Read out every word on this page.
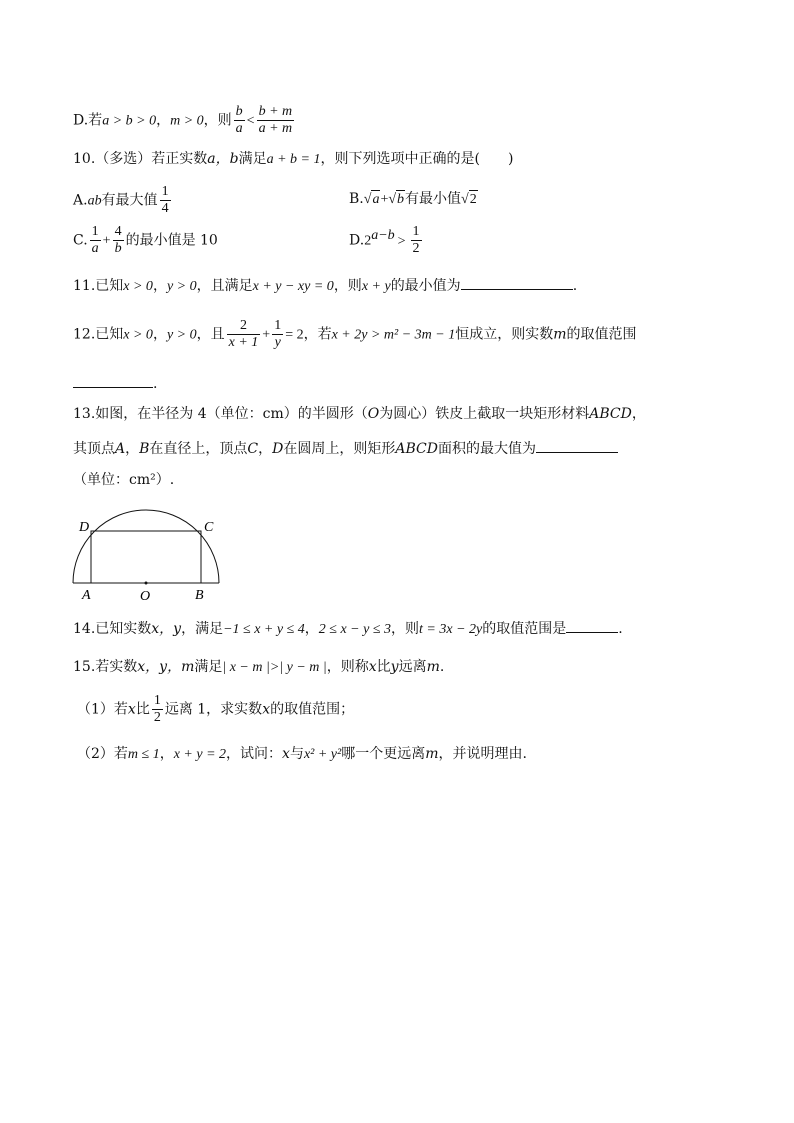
D.若a > b > 0，m > 0，则 $\frac{b}{a} < \frac{b + m}{a + m}$
10.（多选）若正实数a，b满足a + b = 1，则下列选项中正确的是(　　)
A.ab有最大值 $\frac{1}{4}$	B.√a+√b有最小值√2
C. $\frac{1}{a} + \frac{4}{b}$ 的最小值是 10	$D.2^{a-b} > \frac{1}{2}$
11.已知x > 0，y > 0，且满足x + y − xy = 0，则x + y的最小值为	.
12.已知x > 0，y > 0，且 $\frac{2}{x + 1} + \frac{1}{y} = 2$，若x + 2y > m² − 3m − 1恒成立，则实数m的取值范围
.
13.如图，在半径为 4（单位：cm）的半圆形（O为圆心）铁皮上截取一块矩形材料ABCD，
其顶点A，B在直径上，顶点C，D在圆周上，则矩形ABCD面积的最大值为
（单位：cm²）.
D	C
A	O	B
14.已知实数x，y，满足−1 ≤ x + y ≤ 4，2 ≤ x − y ≤ 3，则t = 3x − 2y的取值范围是	.
15.若实数x，y，m满足| x − m |>| y − m |，则称x比y远离m.
（1）若x比 $\frac{1}{2}$ 远离 1，求实数x的取值范围；
（2）若m ≤ 1，x + y = 2，试问：x与x² + y²哪一个更远离m，并说明理由.
